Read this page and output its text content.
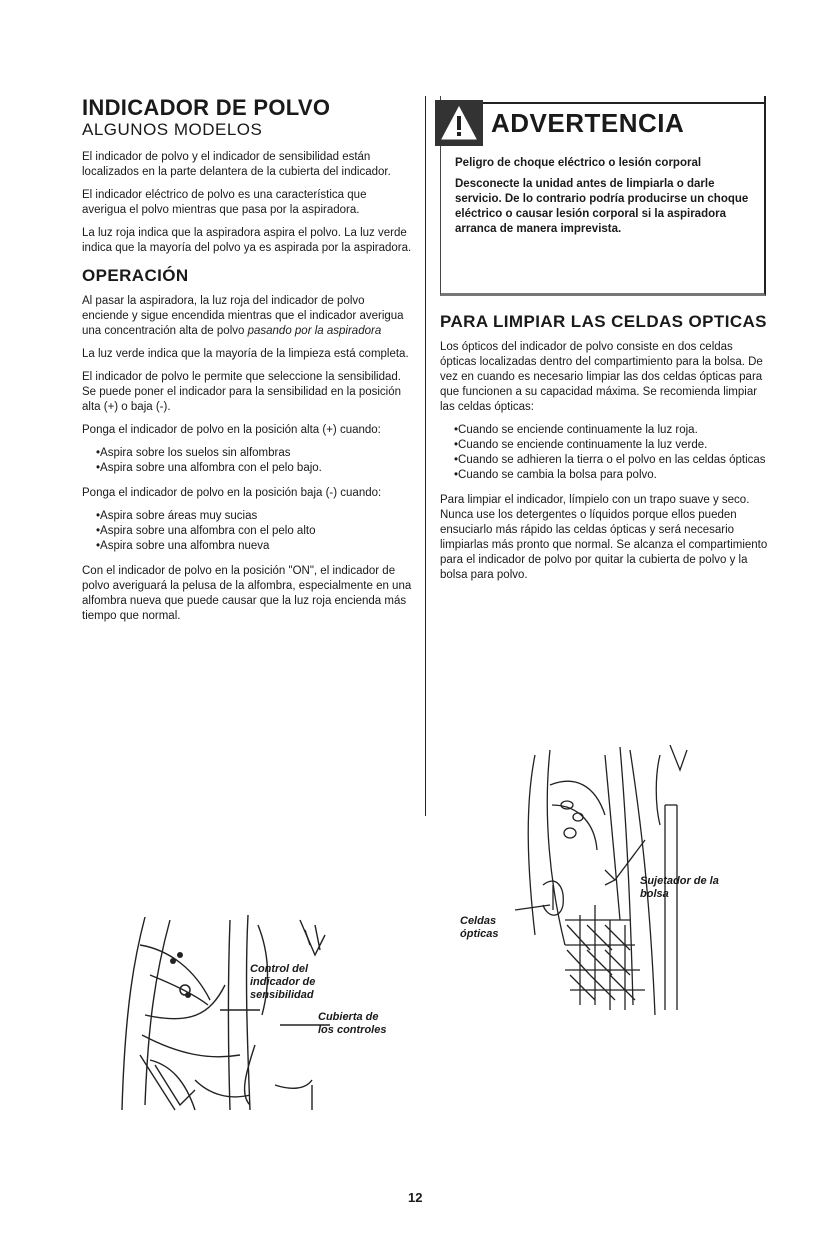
INDICADOR DE POLVO
ALGUNOS MODELOS

El indicador de polvo y el indicador de sensibilidad están localizados en la parte delantera de la cubierta del indicador.

El indicador eléctrico de polvo es una característica que averigua el polvo mientras que pasa por la aspiradora.

La luz roja indica que la aspiradora aspira el polvo. La luz verde indica que la mayoría del polvo ya es aspirada por la aspiradora.

OPERACIÓN

Al pasar la aspiradora, la luz roja del indicador de polvo enciende y sigue encendida mientras que el indicador averigua una concentración alta de polvo pasando por la aspiradora

La luz verde indica que la mayoría de la limpieza está completa.

El indicador de polvo le permite que seleccione la sensibilidad. Se puede poner el indicador para la sensibilidad en la posición alta (+) o baja (-).

Ponga el indicador de polvo en la posición alta (+) cuando:

•Aspira sobre los suelos sin alfombras
•Aspira sobre una alfombra con el pelo bajo.

Ponga el indicador de polvo en la posición baja (-) cuando:

•Aspira sobre áreas muy sucias
•Aspira sobre una alfombra con el pelo alto
•Aspira sobre una alfombra nueva

Con el indicador de polvo en la posición "ON", el indicador de polvo averiguará la pelusa de la alfombra, especialmente en una alfombra nueva que puede causar que la luz roja encienda más tiempo que normal.

Control del indicador de sensibilidad
Cubierta de los controles
ADVERTENCIA

Peligro de choque eléctrico o lesión corporal

Desconecte la unidad antes de limpiarla o darle servicio. De lo contrario podría producirse un choque eléctrico o causar lesión corporal si la aspiradora arranca de manera imprevista.

PARA LIMPIAR LAS CELDAS OPTICAS

Los ópticos del indicador de polvo consiste en dos celdas ópticas localizadas dentro del compartimiento para la bolsa. De vez en cuando es necesario limpiar las dos celdas ópticas para que funcionen a su capacidad máxima. Se recomienda limpiar las celdas ópticas:

•Cuando se enciende continuamente la luz roja.
•Cuando se enciende continuamente la luz verde.
•Cuando se adhieren la tierra o el polvo en las celdas ópticas
•Cuando se cambia la bolsa para polvo.

Para limpiar el indicador, límpielo con un trapo suave y seco. Nunca use los detergentes o líquidos porque ellos pueden ensuciarlo más rápido las celdas ópticas y será necesario limpiarlas más pronto que normal. Se alcanza el compartimiento para el indicador de polvo por quitar la cubierta de polvo y la bolsa para polvo.

Sujetador de la bolsa
Celdas ópticas
12
